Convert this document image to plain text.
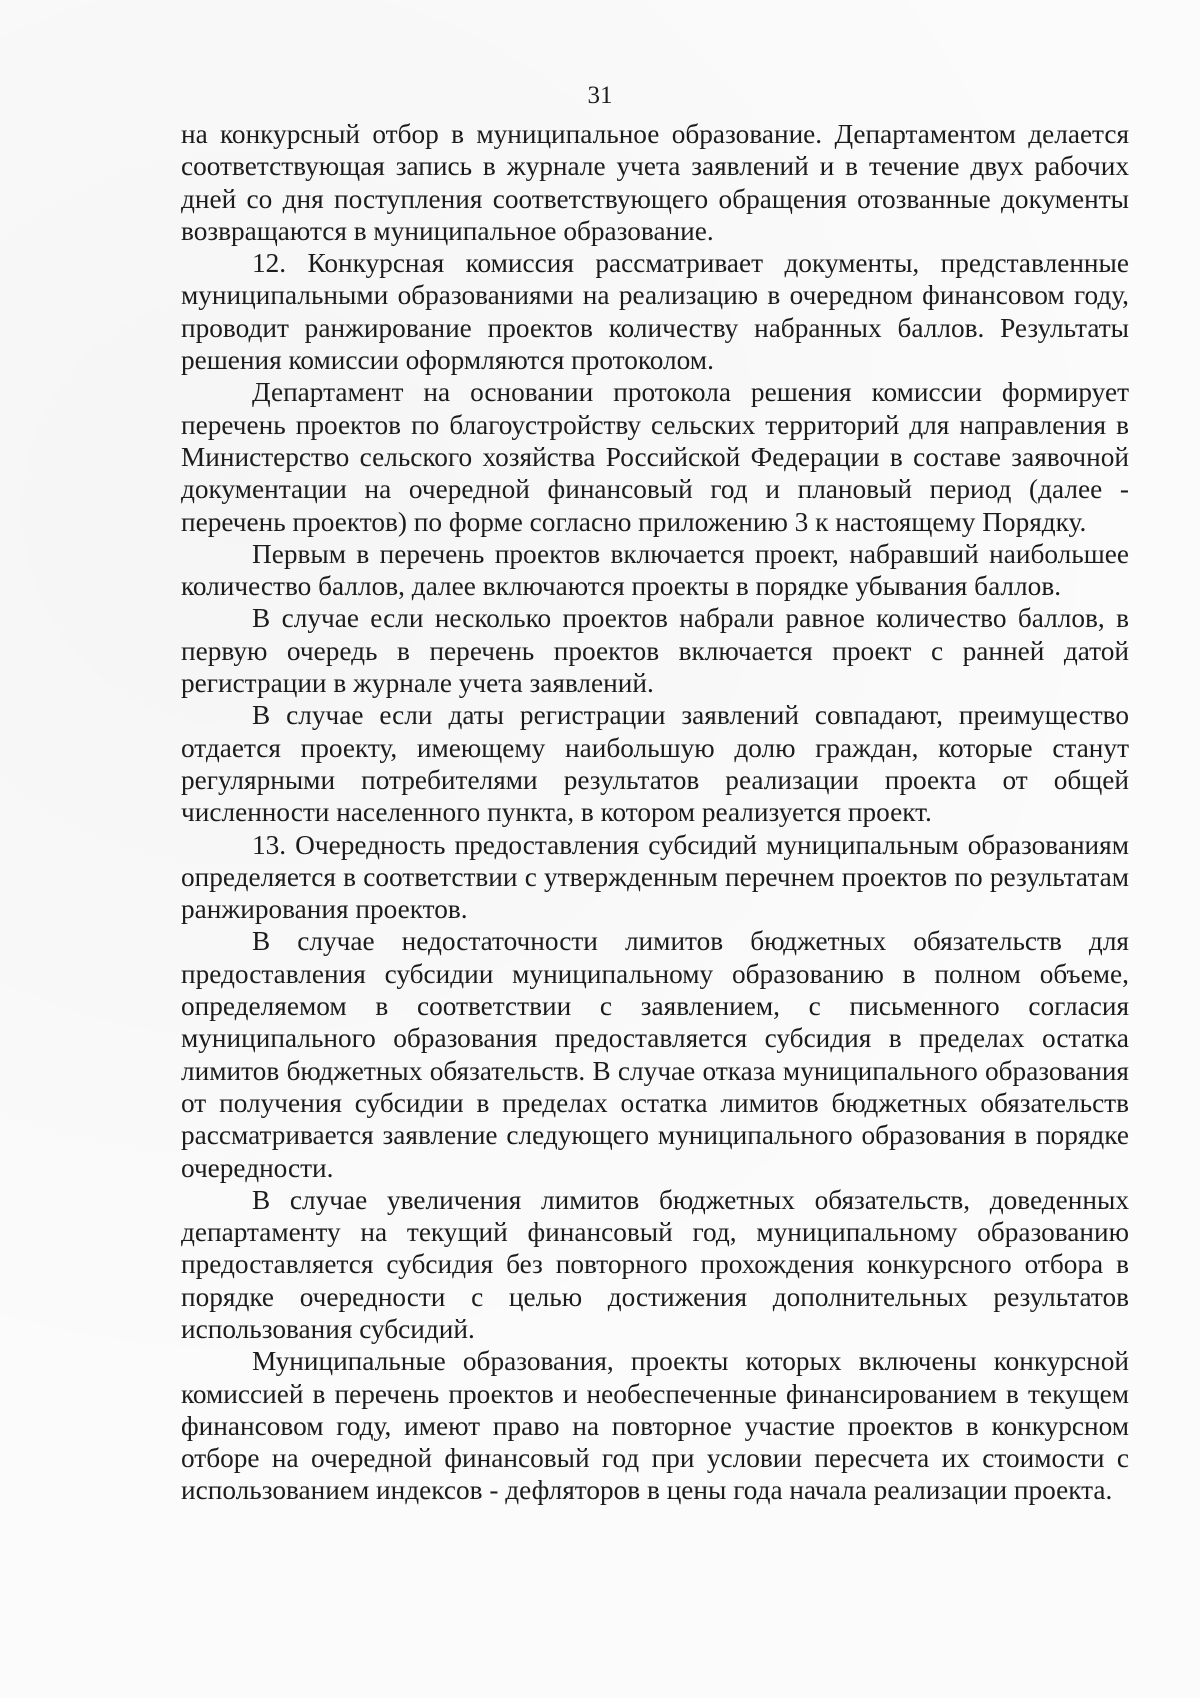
31

на конкурсный отбор в муниципальное образование. Департаментом делается соответствующая запись в журнале учета заявлений и в течение двух рабочих дней со дня поступления соответствующего обращения отозванные документы возвращаются в муниципальное образование.

12. Конкурсная комиссия рассматривает документы, представленные муниципальными образованиями на реализацию в очередном финансовом году, проводит ранжирование проектов количеству набранных баллов. Результаты решения комиссии оформляются протоколом.

Департамент на основании протокола решения комиссии формирует перечень проектов по благоустройству сельских территорий для направления в Министерство сельского хозяйства Российской Федерации в составе заявочной документации на очередной финансовый год и плановый период (далее - перечень проектов) по форме согласно приложению 3 к настоящему Порядку.

Первым в перечень проектов включается проект, набравший наибольшее количество баллов, далее включаются проекты в порядке убывания баллов.

В случае если несколько проектов набрали равное количество баллов, в первую очередь в перечень проектов включается проект с ранней датой регистрации в журнале учета заявлений.

В случае если даты регистрации заявлений совпадают, преимущество отдается проекту, имеющему наибольшую долю граждан, которые станут регулярными потребителями результатов реализации проекта от общей численности населенного пункта, в котором реализуется проект.

13. Очередность предоставления субсидий муниципальным образованиям определяется в соответствии с утвержденным перечнем проектов по результатам ранжирования проектов.

В случае недостаточности лимитов бюджетных обязательств для предоставления субсидии муниципальному образованию в полном объеме, определяемом в соответствии с заявлением, с письменного согласия муниципального образования предоставляется субсидия в пределах остатка лимитов бюджетных обязательств. В случае отказа муниципального образования от получения субсидии в пределах остатка лимитов бюджетных обязательств рассматривается заявление следующего муниципального образования в порядке очередности.

В случае увеличения лимитов бюджетных обязательств, доведенных департаменту на текущий финансовый год, муниципальному образованию предоставляется субсидия без повторного прохождения конкурсного отбора в порядке очередности с целью достижения дополнительных результатов использования субсидий.

Муниципальные образования, проекты которых включены конкурсной комиссией в перечень проектов и необеспеченные финансированием в текущем финансовом году, имеют право на повторное участие проектов в конкурсном отборе на очередной финансовый год при условии пересчета их стоимости с использованием индексов - дефляторов в цены года начала реализации проекта.
